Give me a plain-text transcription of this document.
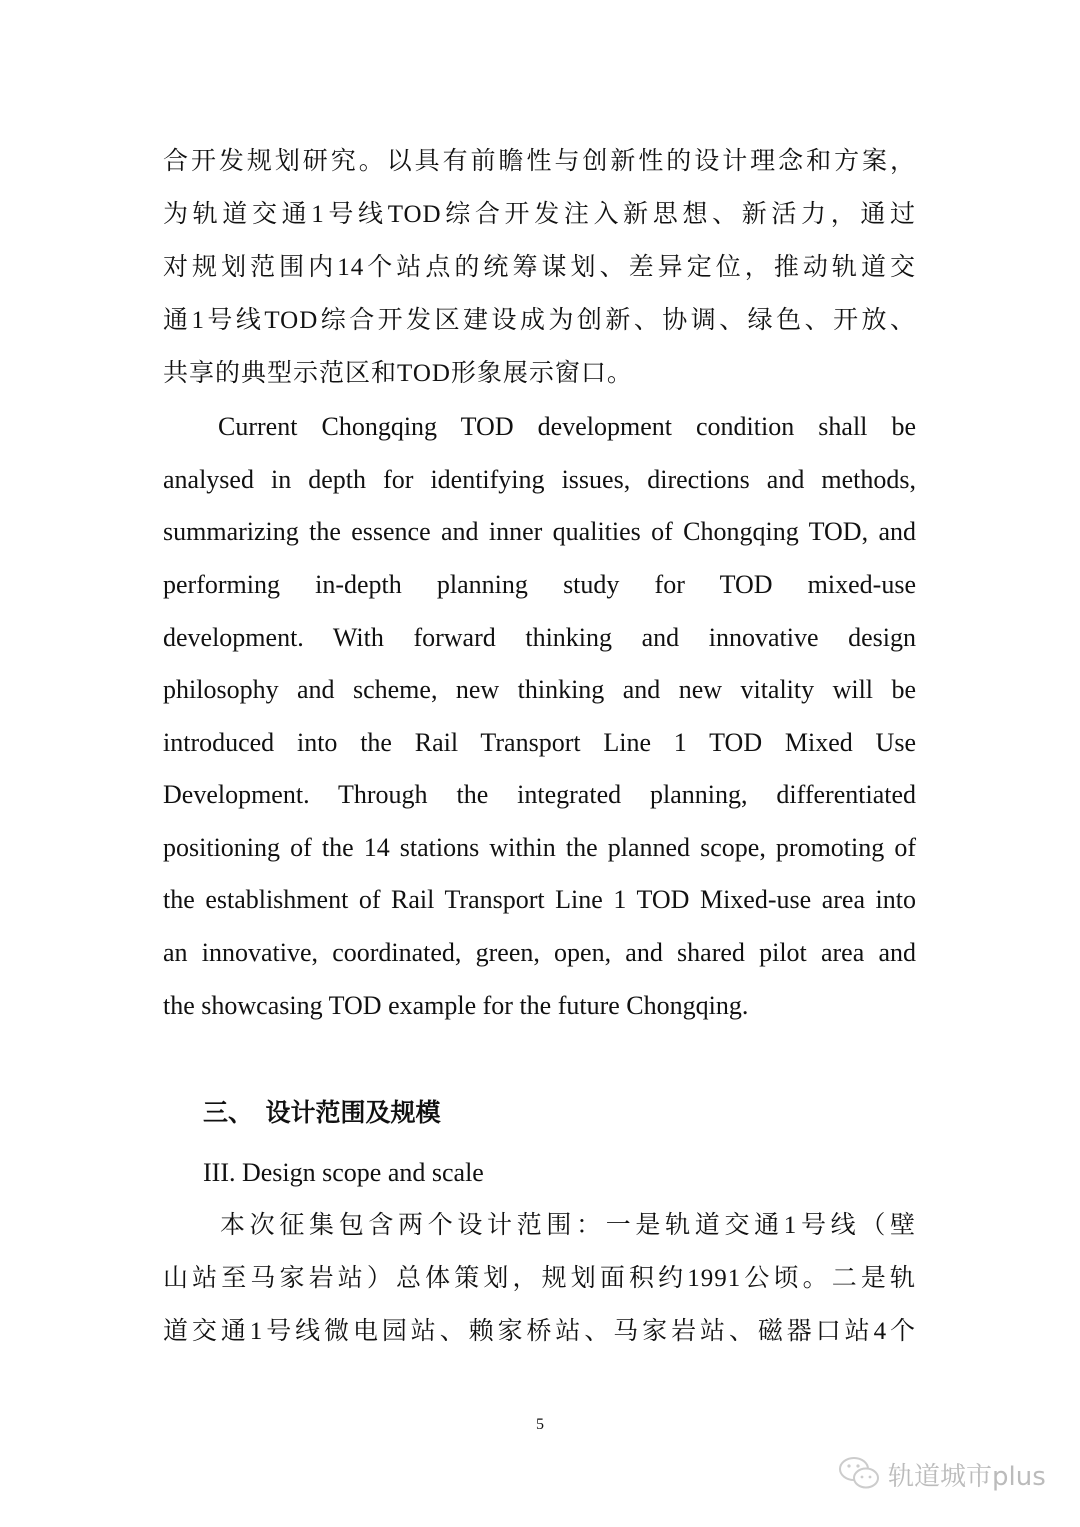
合开发规划研究。以具有前瞻性与创新性的设计理念和方案，
为轨道交通1号线TOD综合开发注入新思想、新活力，通过
对规划范围内14个站点的统筹谋划、差异定位，推动轨道交
通1号线TOD综合开发区建设成为创新、协调、绿色、开放、
共享的典型示范区和TOD形象展示窗口。
Current Chongqing TOD development condition shall be
analysed in depth for identifying issues, directions and methods,
summarizing the essence and inner qualities of Chongqing TOD, and
performing in-depth planning study for TOD mixed-use
development. With forward thinking and innovative design
philosophy and scheme, new thinking and new vitality will be
introduced into the Rail Transport Line 1 TOD Mixed Use
Development. Through the integrated planning, differentiated
positioning of the 14 stations within the planned scope, promoting of
the establishment of Rail Transport Line 1 TOD Mixed-use area into
an innovative, coordinated, green, open, and shared pilot area and
the showcasing TOD example for the future Chongqing.
三、　设计范围及规模
III. Design scope and scale
本次征集包含两个设计范围：一是轨道交通1号线（壁
山站至马家岩站）总体策划，规划面积约1991公顷。二是轨
道交通1号线微电园站、赖家桥站、马家岩站、磁器口站4个
5
轨道城市plus
